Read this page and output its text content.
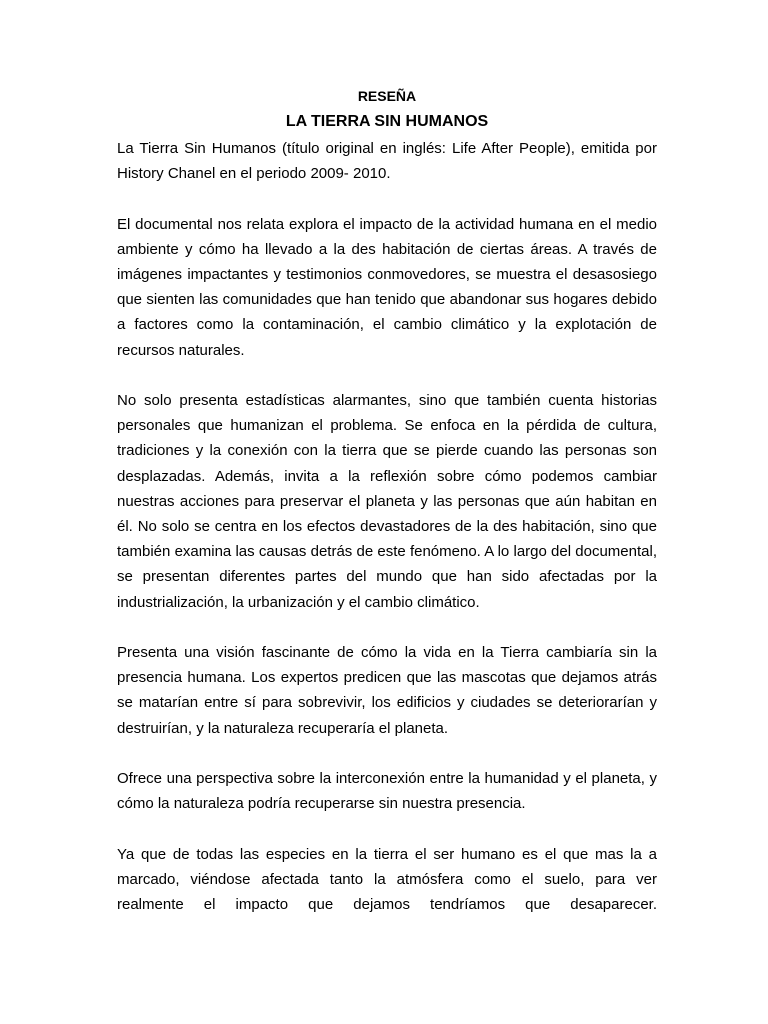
RESEÑA
LA TIERRA SIN HUMANOS

La Tierra Sin Humanos (título original en inglés: Life After People), emitida por History Chanel en el periodo 2009- 2010.

El documental nos relata explora el impacto de la actividad humana en el medio ambiente y cómo ha llevado a la des habitación de ciertas áreas. A través de imágenes impactantes y testimonios conmovedores, se muestra el desasosiego que sienten las comunidades que han tenido que abandonar sus hogares debido a factores como la contaminación, el cambio climático y la explotación de recursos naturales.

No solo presenta estadísticas alarmantes, sino que también cuenta historias personales que humanizan el problema. Se enfoca en la pérdida de cultura, tradiciones y la conexión con la tierra que se pierde cuando las personas son desplazadas. Además, invita a la reflexión sobre cómo podemos cambiar nuestras acciones para preservar el planeta y las personas que aún habitan en él. No solo se centra en los efectos devastadores de la des habitación, sino que también examina las causas detrás de este fenómeno. A lo largo del documental, se presentan diferentes partes del mundo que han sido afectadas por la industrialización, la urbanización y el cambio climático.

Presenta una visión fascinante de cómo la vida en la Tierra cambiaría sin la presencia humana. Los expertos predicen que las mascotas que dejamos atrás se matarían entre sí para sobrevivir, los edificios y ciudades se deteriorarían y destruirían, y la naturaleza recuperaría el planeta.

Ofrece una perspectiva sobre la interconexión entre la humanidad y el planeta, y cómo la naturaleza podría recuperarse sin nuestra presencia.

Ya que de todas las especies en la tierra el ser humano es el que mas la a marcado, viéndose afectada tanto la atmósfera como el suelo, para ver realmente el impacto que dejamos tendríamos que desaparecer.
